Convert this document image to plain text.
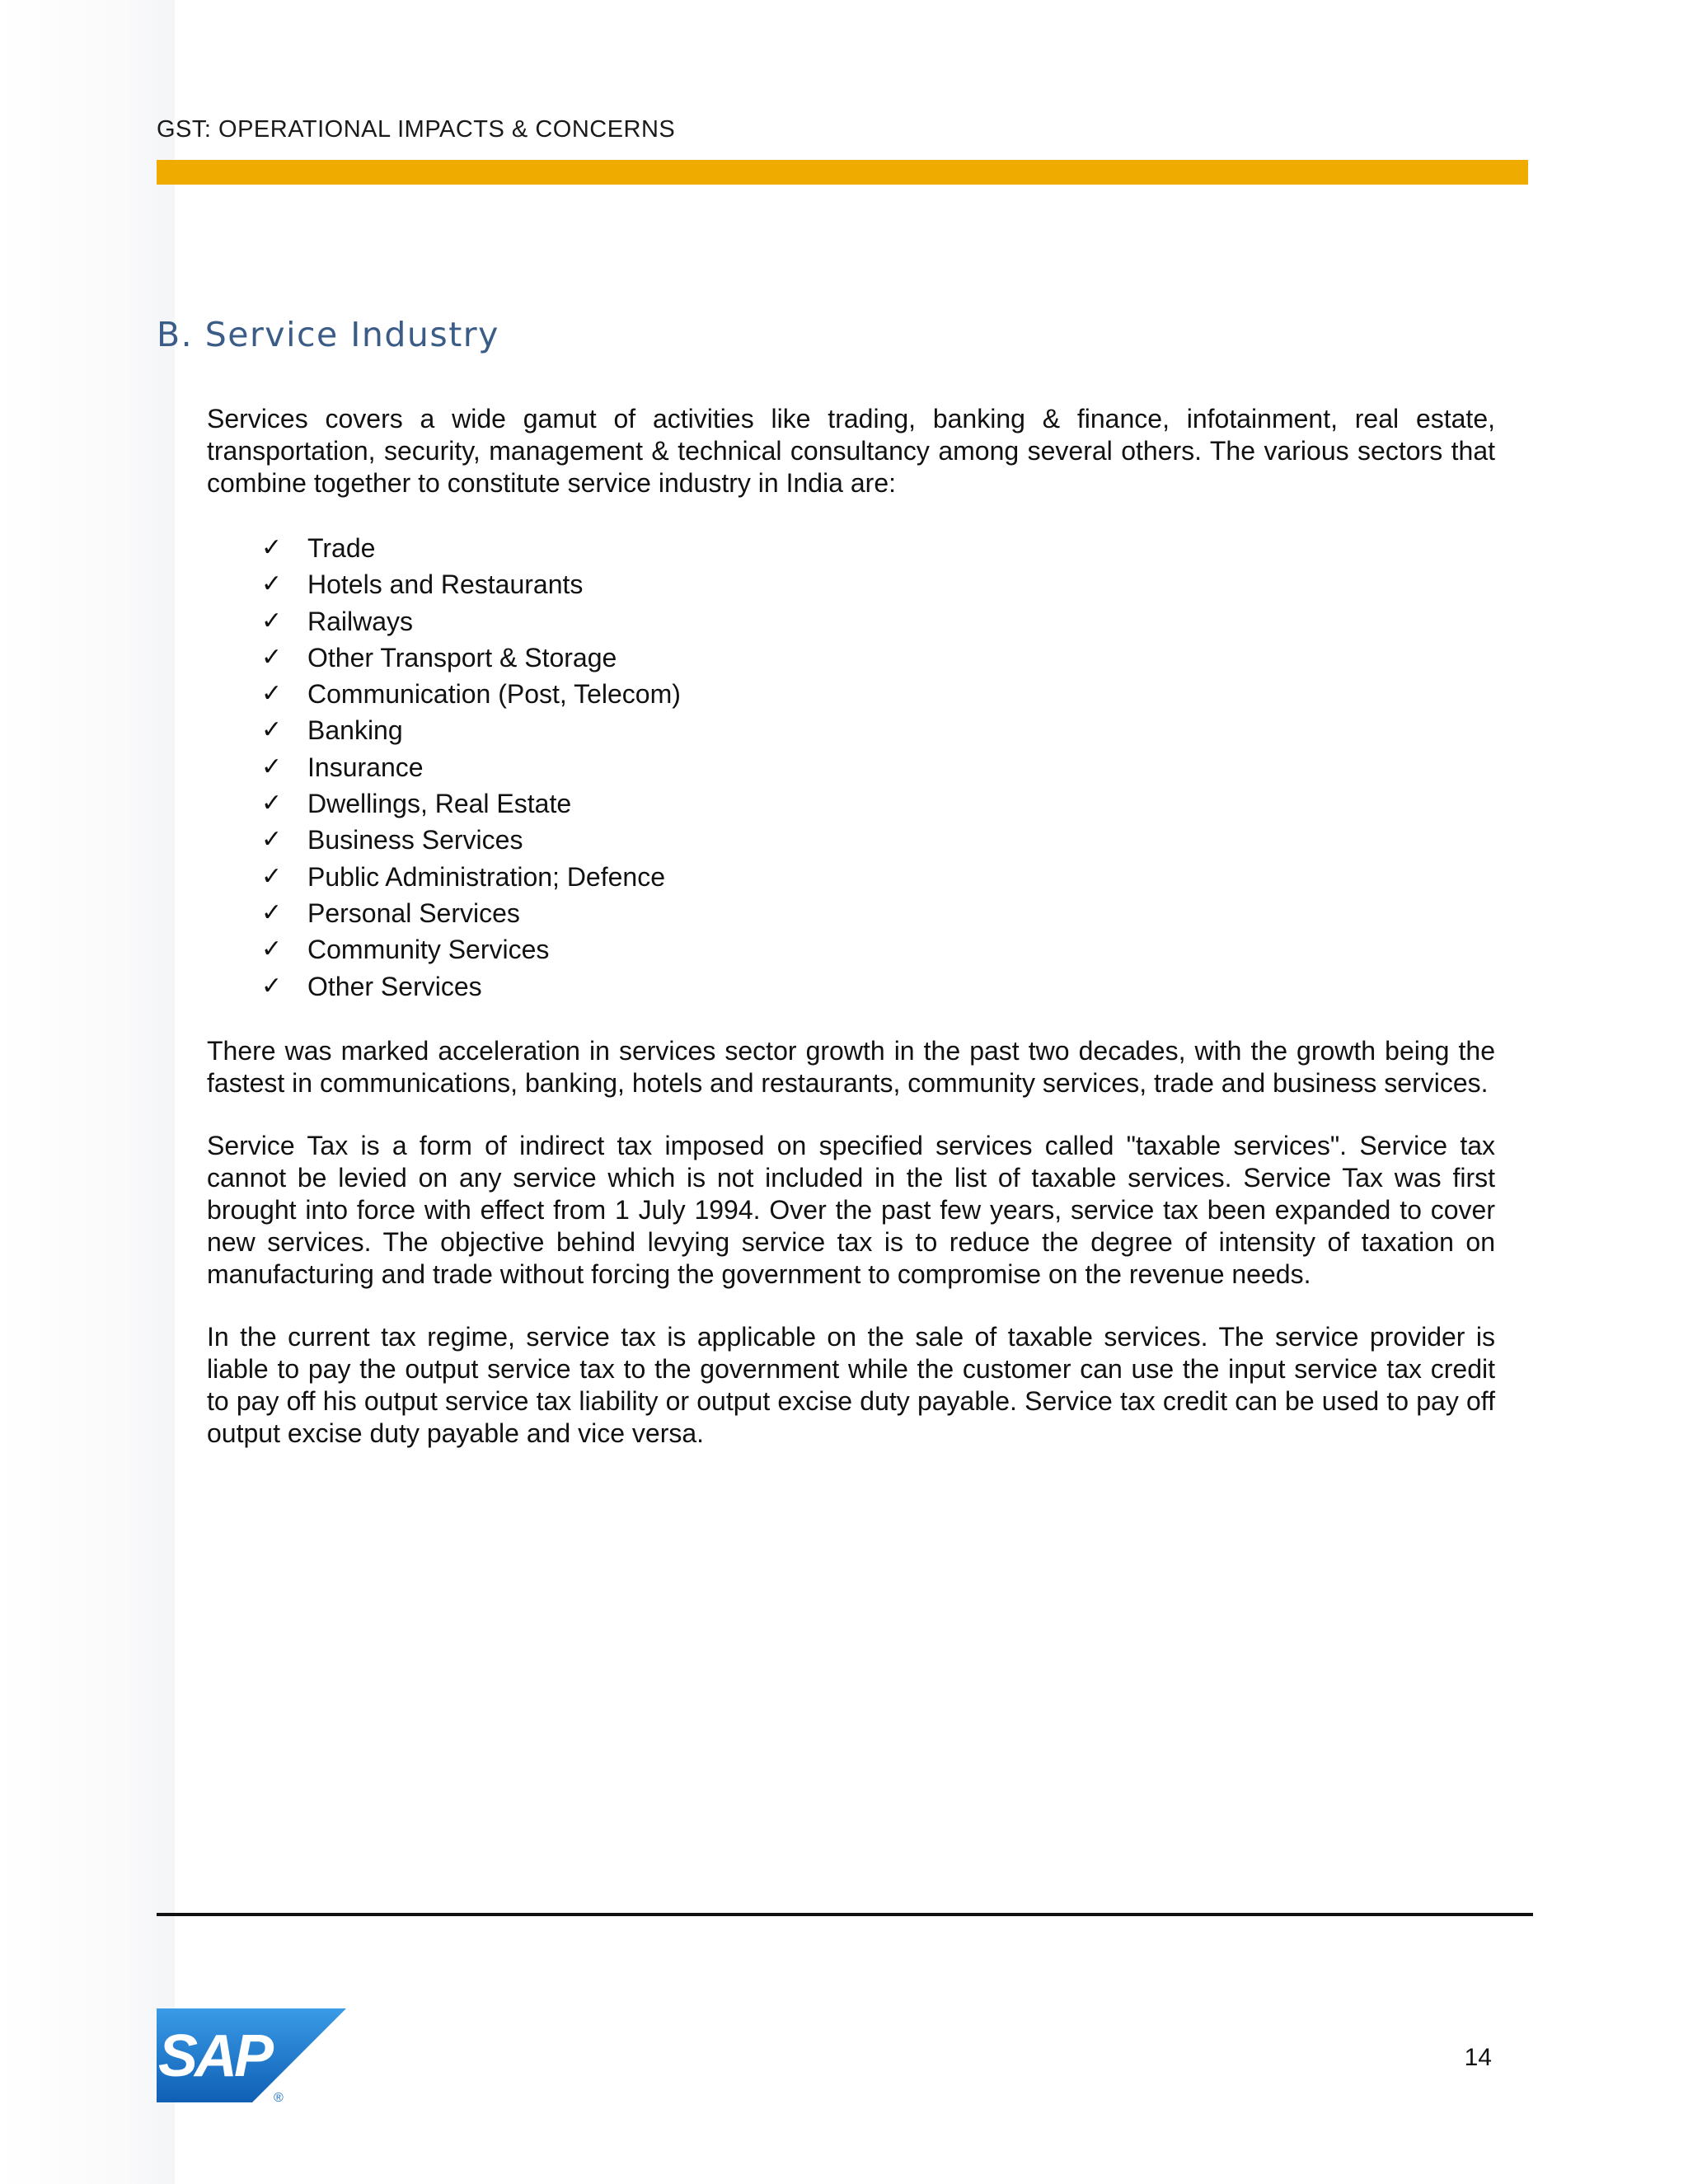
GST: OPERATIONAL IMPACTS & CONCERNS
B. Service Industry

Services covers a wide gamut of activities like trading, banking & finance, infotainment, real estate, transportation, security, management & technical consultancy among several others. The various sectors that combine together to constitute service industry in India are:

✓ Trade
✓ Hotels and Restaurants
✓ Railways
✓ Other Transport & Storage
✓ Communication (Post, Telecom)
✓ Banking
✓ Insurance
✓ Dwellings, Real Estate
✓ Business Services
✓ Public Administration; Defence
✓ Personal Services
✓ Community Services
✓ Other Services

There was marked acceleration in services sector growth in the past two decades, with the growth being the fastest in communications, banking, hotels and restaurants, community services, trade and business services.

Service Tax is a form of indirect tax imposed on specified services called "taxable services". Service tax cannot be levied on any service which is not included in the list of taxable services. Service Tax was first brought into force with effect from 1 July 1994. Over the past few years, service tax been expanded to cover new services. The objective behind levying service tax is to reduce the degree of intensity of taxation on manufacturing and trade without forcing the government to compromise on the revenue needs.

In the current tax regime, service tax is applicable on the sale of taxable services. The service provider is liable to pay the output service tax to the government while the customer can use the input service tax credit to pay off his output service tax liability or output excise duty payable. Service tax credit can be used to pay off output excise duty payable and vice versa.

SAP
®
14
